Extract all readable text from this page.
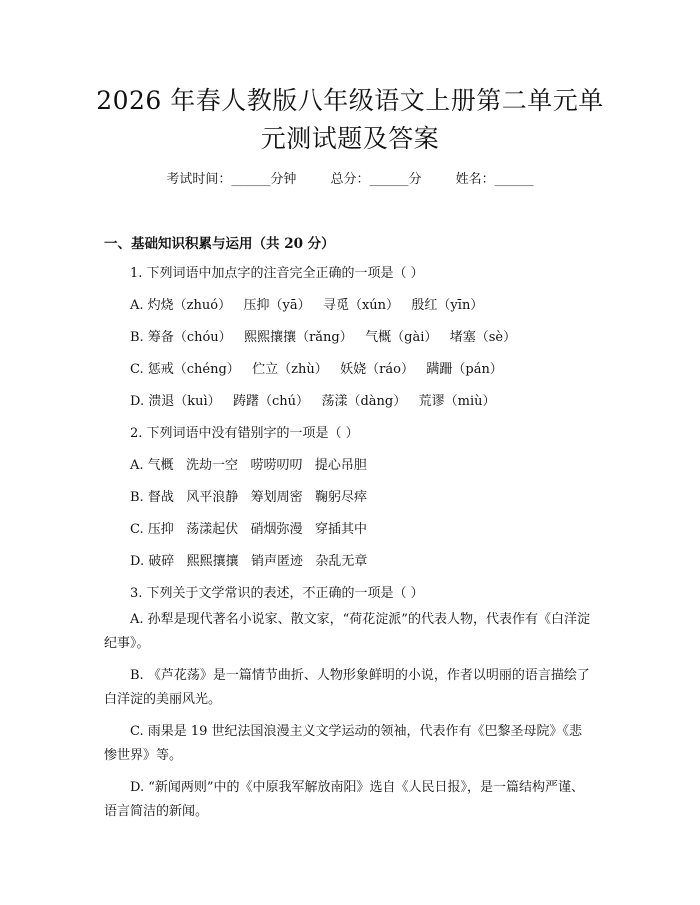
2026 年春人教版八年级语文上册第二单元单
元测试题及答案
考试时间：______分钟	总分：______分	姓名：______
一、基础知识积累与运用（共 20 分）
1. 下列词语中加点字的注音完全正确的一项是（ ）
A. 灼烧（zhuó）   压抑（yā）   寻觅（xún）   殷红（yīn）
B. 筹备（chóu）   熙熙攘攘（rǎng）   气概（gài）   堵塞（sè）
C. 惩戒（chéng）   伫立（zhù）   妖娆（ráo）   蹒跚（pán）
D. 溃退（kuì）   踌躇（chú）   荡漾（dàng）   荒谬（miù）
2. 下列词语中没有错别字的一项是（ ）
A. 气概   洗劫一空   唠唠叨叨   提心吊胆
B. 督战   风平浪静   筹划周密   鞠躬尽瘁
C. 压抑   荡漾起伏   硝烟弥漫   穿插其中
D. 破碎   熙熙攘攘   销声匿迹   杂乱无章
3. 下列关于文学常识的表述，不正确的一项是（ ）
A. 孙犁是现代著名小说家、散文家，“荷花淀派”的代表人物，代表作有《白洋淀纪事》。
B. 《芦花荡》是一篇情节曲折、人物形象鲜明的小说，作者以明丽的语言描绘了白洋淀的美丽风光。
C. 雨果是 19 世纪法国浪漫主义文学运动的领袖，代表作有《巴黎圣母院》《悲惨世界》等。
D. “新闻两则”中的《中原我军解放南阳》选自《人民日报》，是一篇结构严谨、语言简洁的新闻。
